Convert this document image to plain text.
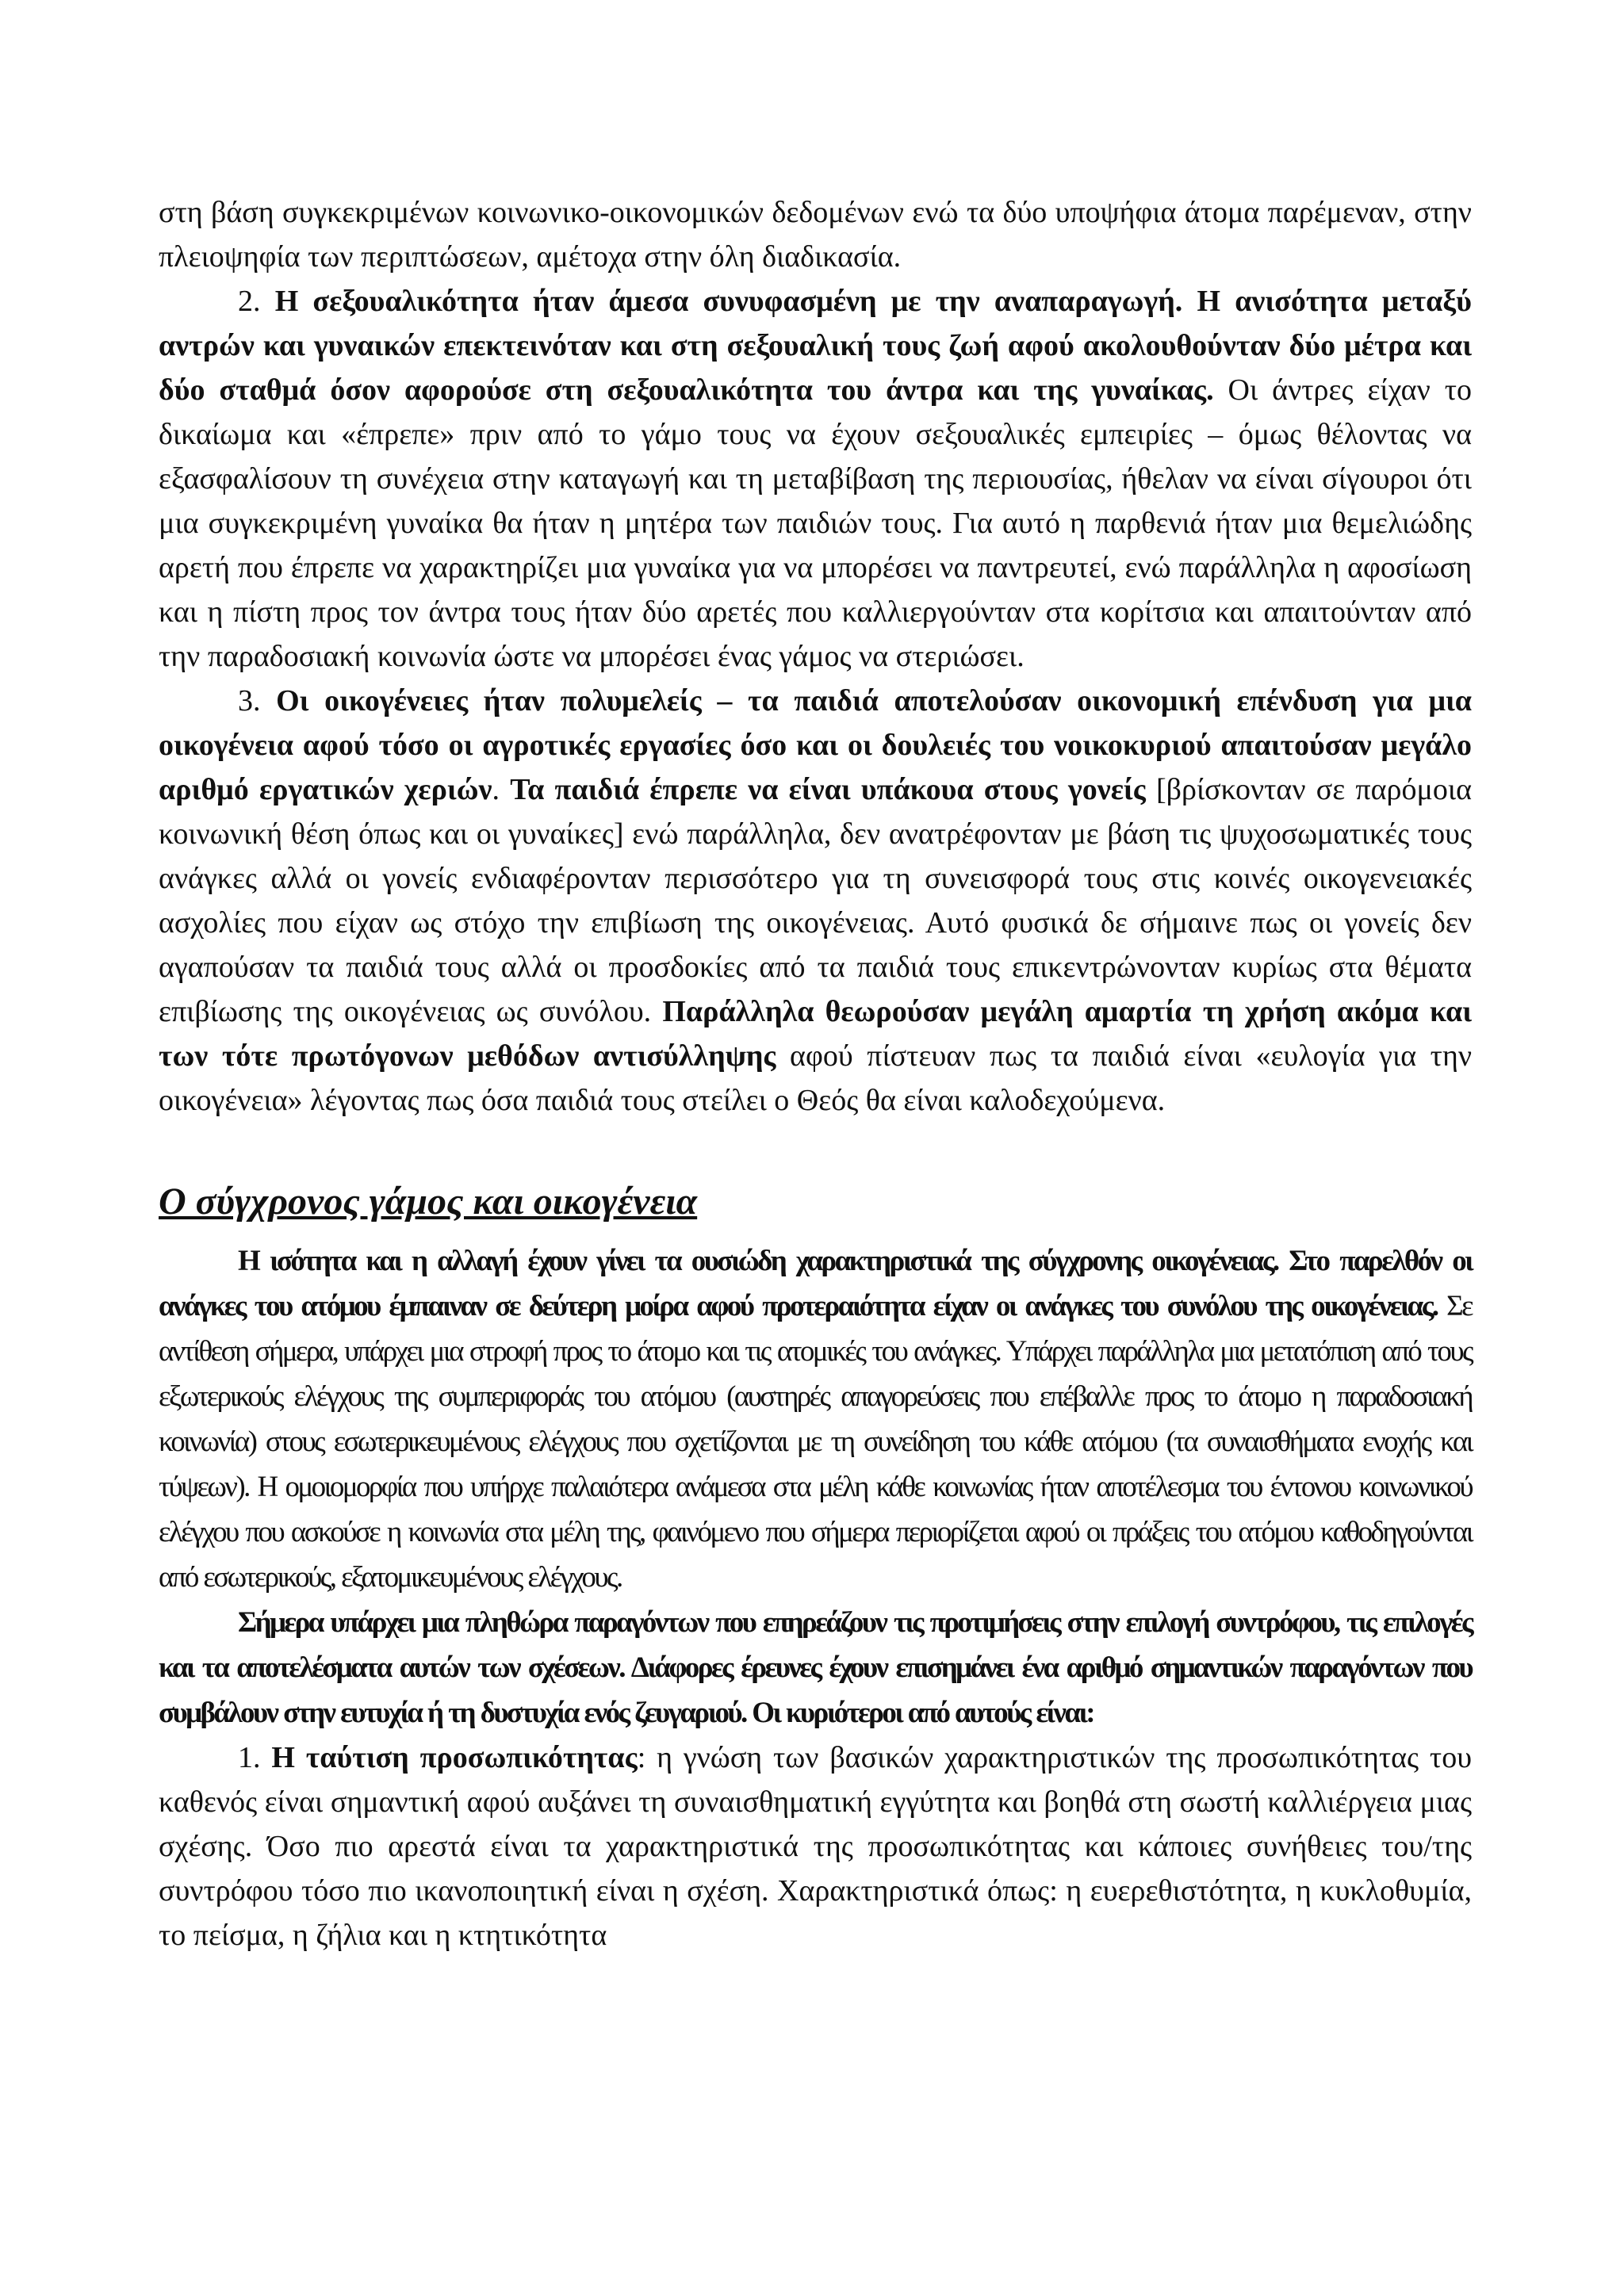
στη βάση συγκεκριμένων κοινωνικο-οικονομικών δεδομένων ενώ τα δύο υποψήφια άτομα παρέμεναν, στην πλειοψηφία των περιπτώσεων, αμέτοχα στην όλη διαδικασία.

2. Η σεξουαλικότητα ήταν άμεσα συνυφασμένη με την αναπαραγωγή. Η ανισότητα μεταξύ αντρών και γυναικών επεκτεινόταν και στη σεξουαλική τους ζωή αφού ακολουθούνταν δύο μέτρα και δύο σταθμά όσον αφορούσε στη σεξουαλικότητα του άντρα και της γυναίκας. Οι άντρες είχαν το δικαίωμα και «έπρεπε» πριν από το γάμο τους να έχουν σεξουαλικές εμπειρίες – όμως θέλοντας να εξασφαλίσουν τη συνέχεια στην καταγωγή και τη μεταβίβαση της περιουσίας, ήθελαν να είναι σίγουροι ότι μια συγκεκριμένη γυναίκα θα ήταν η μητέρα των παιδιών τους. Για αυτό η παρθενιά ήταν μια θεμελιώδης αρετή που έπρεπε να χαρακτηρίζει μια γυναίκα για να μπορέσει να παντρευτεί, ενώ παράλληλα η αφοσίωση και η πίστη προς τον άντρα τους ήταν δύο αρετές που καλλιεργούνταν στα κορίτσια και απαιτούνταν από την παραδοσιακή κοινωνία ώστε να μπορέσει ένας γάμος να στεριώσει.

3. Οι οικογένειες ήταν πολυμελείς – τα παιδιά αποτελούσαν οικονομική επένδυση για μια οικογένεια αφού τόσο οι αγροτικές εργασίες όσο και οι δουλειές του νοικοκυριού απαιτούσαν μεγάλο αριθμό εργατικών χεριών. Τα παιδιά έπρεπε να είναι υπάκουα στους γονείς [βρίσκονταν σε παρόμοια κοινωνική θέση όπως και οι γυναίκες] ενώ παράλληλα, δεν ανατρέφονταν με βάση τις ψυχοσωματικές τους ανάγκες αλλά οι γονείς ενδιαφέρονταν περισσότερο για τη συνεισφορά τους στις κοινές οικογενειακές ασχολίες που είχαν ως στόχο την επιβίωση της οικογένειας. Αυτό φυσικά δε σήμαινε πως οι γονείς δεν αγαπούσαν τα παιδιά τους αλλά οι προσδοκίες από τα παιδιά τους επικεντρώνονταν κυρίως στα θέματα επιβίωσης της οικογένειας ως συνόλου. Παράλληλα θεωρούσαν μεγάλη αμαρτία τη χρήση ακόμα και των τότε πρωτόγονων μεθόδων αντισύλληψης αφού πίστευαν πως τα παιδιά είναι «ευλογία για την οικογένεια» λέγοντας πως όσα παιδιά τους στείλει ο Θεός θα είναι καλοδεχούμενα.

Ο σύγχρονος γάμος και οικογένεια

Η ισότητα και η αλλαγή έχουν γίνει τα ουσιώδη χαρακτηριστικά της σύγχρονης οικογένειας. Στο παρελθόν οι ανάγκες του ατόμου έμπαιναν σε δεύτερη μοίρα αφού προτεραιότητα είχαν οι ανάγκες του συνόλου της οικογένειας. Σε αντίθεση σήμερα, υπάρχει μια στροφή προς το άτομο και τις ατομικές του ανάγκες. Υπάρχει παράλληλα μια μετατόπιση από τους εξωτερικούς ελέγχους της συμπεριφοράς του ατόμου (αυστηρές απαγορεύσεις που επέβαλλε προς το άτομο η παραδοσιακή κοινωνία) στους εσωτερικευμένους ελέγχους που σχετίζονται με τη συνείδηση του κάθε ατόμου (τα συναισθήματα ενοχής και τύψεων). Η ομοιομορφία που υπήρχε παλαιότερα ανάμεσα στα μέλη κάθε κοινωνίας ήταν αποτέλεσμα του έντονου κοινωνικού ελέγχου που ασκούσε η κοινωνία στα μέλη της, φαινόμενο που σήμερα περιορίζεται αφού οι πράξεις του ατόμου καθοδηγούνται από εσωτερικούς, εξατομικευμένους ελέγχους.

Σήμερα υπάρχει μια πληθώρα παραγόντων που επηρεάζουν τις προτιμήσεις στην επιλογή συντρόφου, τις επιλογές και τα αποτελέσματα αυτών των σχέσεων. Διάφορες έρευνες έχουν επισημάνει ένα αριθμό σημαντικών παραγόντων που συμβάλουν στην ευτυχία ή τη δυστυχία ενός ζευγαριού. Οι κυριότεροι από αυτούς είναι:

1. Η ταύτιση προσωπικότητας: η γνώση των βασικών χαρακτηριστικών της προσωπικότητας του καθενός είναι σημαντική αφού αυξάνει τη συναισθηματική εγγύτητα και βοηθά στη σωστή καλλιέργεια μιας σχέσης. Όσο πιο αρεστά είναι τα χαρακτηριστικά της προσωπικότητας και κάποιες συνήθειες του/της συντρόφου τόσο πιο ικανοποιητική είναι η σχέση. Χαρακτηριστικά όπως: η ευερεθιστότητα, η κυκλοθυμία, το πείσμα, η ζήλια και η κτητικότητα
